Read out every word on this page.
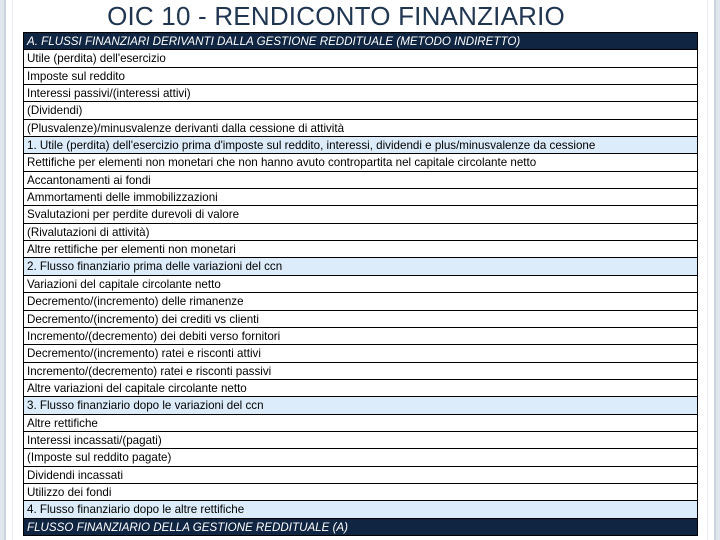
OIC 10 - RENDICONTO FINANZIARIO
A. FLUSSI FINANZIARI DERIVANTI DALLA GESTIONE REDDITUALE (METODO INDIRETTO)
Utile (perdita) dell'esercizio
Imposte sul reddito
Interessi passivi/(interessi attivi)
(Dividendi)
(Plusvalenze)/minusvalenze derivanti dalla cessione di attività
1. Utile (perdita) dell'esercizio prima d'imposte sul reddito, interessi, dividendi e plus/minusvalenze da cessione
Rettifiche per elementi non monetari che non hanno avuto contropartita nel capitale circolante netto
Accantonamenti ai fondi
Ammortamenti delle immobilizzazioni
Svalutazioni per perdite durevoli di valore
(Rivalutazioni di attività)
Altre rettifiche per elementi non monetari
2. Flusso finanziario prima delle variazioni del ccn
Variazioni del capitale circolante netto
Decremento/(incremento) delle rimanenze
Decremento/(incremento) dei crediti vs clienti
Incremento/(decremento) dei debiti verso fornitori
Decremento/(incremento) ratei e risconti attivi
Incremento/(decremento) ratei e risconti passivi
Altre variazioni del capitale circolante netto
3. Flusso finanziario dopo le variazioni del ccn
Altre rettifiche
Interessi incassati/(pagati)
(Imposte sul reddito pagate)
Dividendi incassati
Utilizzo dei fondi
4. Flusso finanziario dopo le altre rettifiche
FLUSSO FINANZIARIO DELLA GESTIONE REDDITUALE (A)
